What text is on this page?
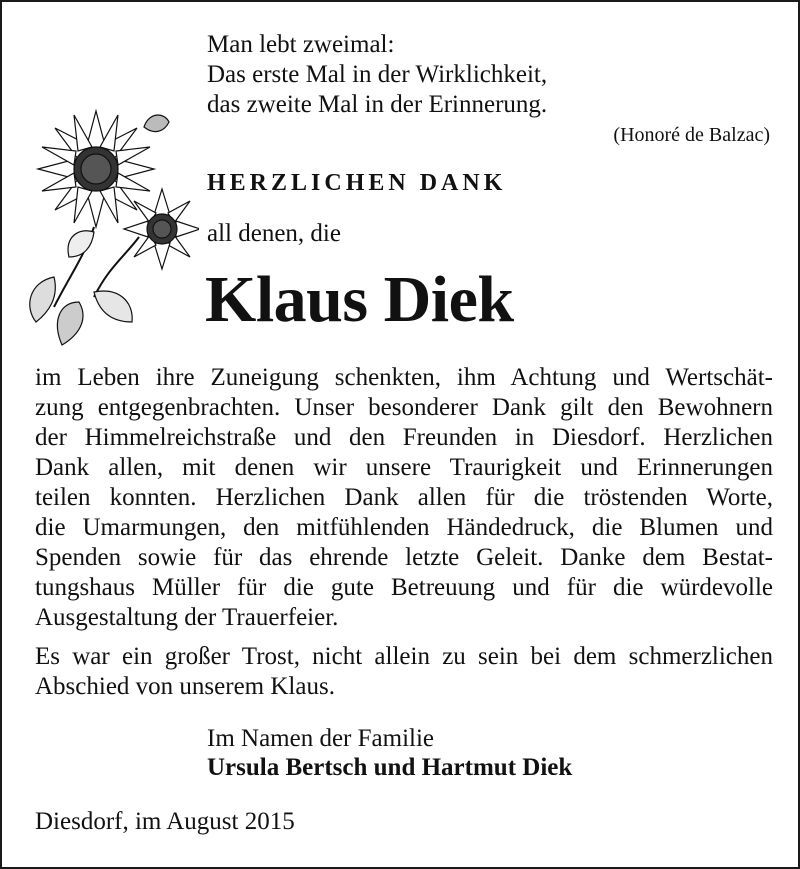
Man lebt zweimal:
Das erste Mal in der Wirklichkeit,
das zweite Mal in der Erinnerung.
(Honoré de Balzac)
HERZLICHEN DANK
all denen, die
Klaus Diek
im Leben ihre Zuneigung schenkten, ihm Achtung und Wertschät-
zung entgegenbrachten. Unser besonderer Dank gilt den Bewohnern
der Himmelreichstraße und den Freunden in Diesdorf. Herzlichen
Dank allen, mit denen wir unsere Traurigkeit und Erinnerungen
teilen konnten. Herzlichen Dank allen für die tröstenden Worte,
die Umarmungen, den mitfühlenden Händedruck, die Blumen und
Spenden sowie für das ehrende letzte Geleit. Danke dem Bestat-
tungshaus Müller für die gute Betreuung und für die würdevolle
Ausgestaltung der Trauerfeier.
Es war ein großer Trost, nicht allein zu sein bei dem schmerzlichen
Abschied von unserem Klaus.
Im Namen der Familie
Ursula Bertsch und Hartmut Diek
Diesdorf, im August 2015
